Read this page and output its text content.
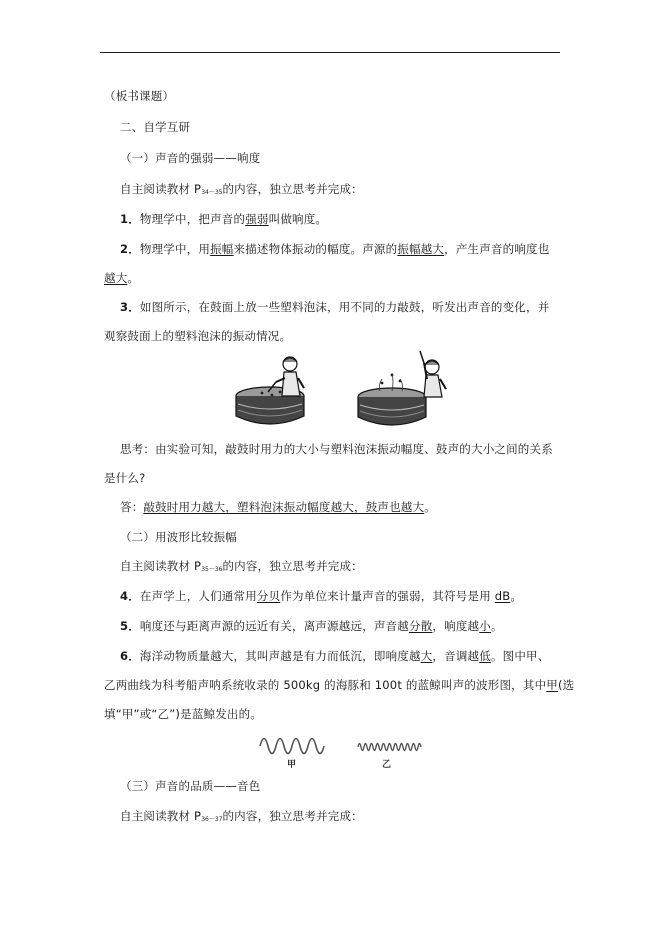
（板书课题）
二、自学互研
（一）声音的强弱——响度
自主阅读教材 P34～35的内容，独立思考并完成：
1．物理学中，把声音的强弱叫做响度。
2．物理学中，用振幅来描述物体振动的幅度。声源的振幅越大，产生声音的响度也
越大。
3．如图所示，在鼓面上放一些塑料泡沫，用不同的力敲鼓，听发出声音的变化，并
观察鼓面上的塑料泡沫的振动情况。
思考：由实验可知，敲鼓时用力的大小与塑料泡沫振动幅度、鼓声的大小之间的关系
是什么?
答：敲鼓时用力越大，塑料泡沫振动幅度越大，鼓声也越大。
（二）用波形比较振幅
自主阅读教材 P35～36的内容，独立思考并完成：
4．在声学上，人们通常用分贝作为单位来计量声音的强弱，其符号是用 dB。
5．响度还与距离声源的远近有关，离声源越远，声音越分散，响度越小。
6．海洋动物质量越大，其叫声越是有力而低沉，即响度越大，音调越低。图中甲、
乙两曲线为科考船声呐系统收录的 500kg 的海豚和 100t 的蓝鲸叫声的波形图，其中甲(选
填“甲”或“乙”)是蓝鲸发出的。
甲	乙
（三）声音的品质——音色
自主阅读教材 P36～37的内容，独立思考并完成：
